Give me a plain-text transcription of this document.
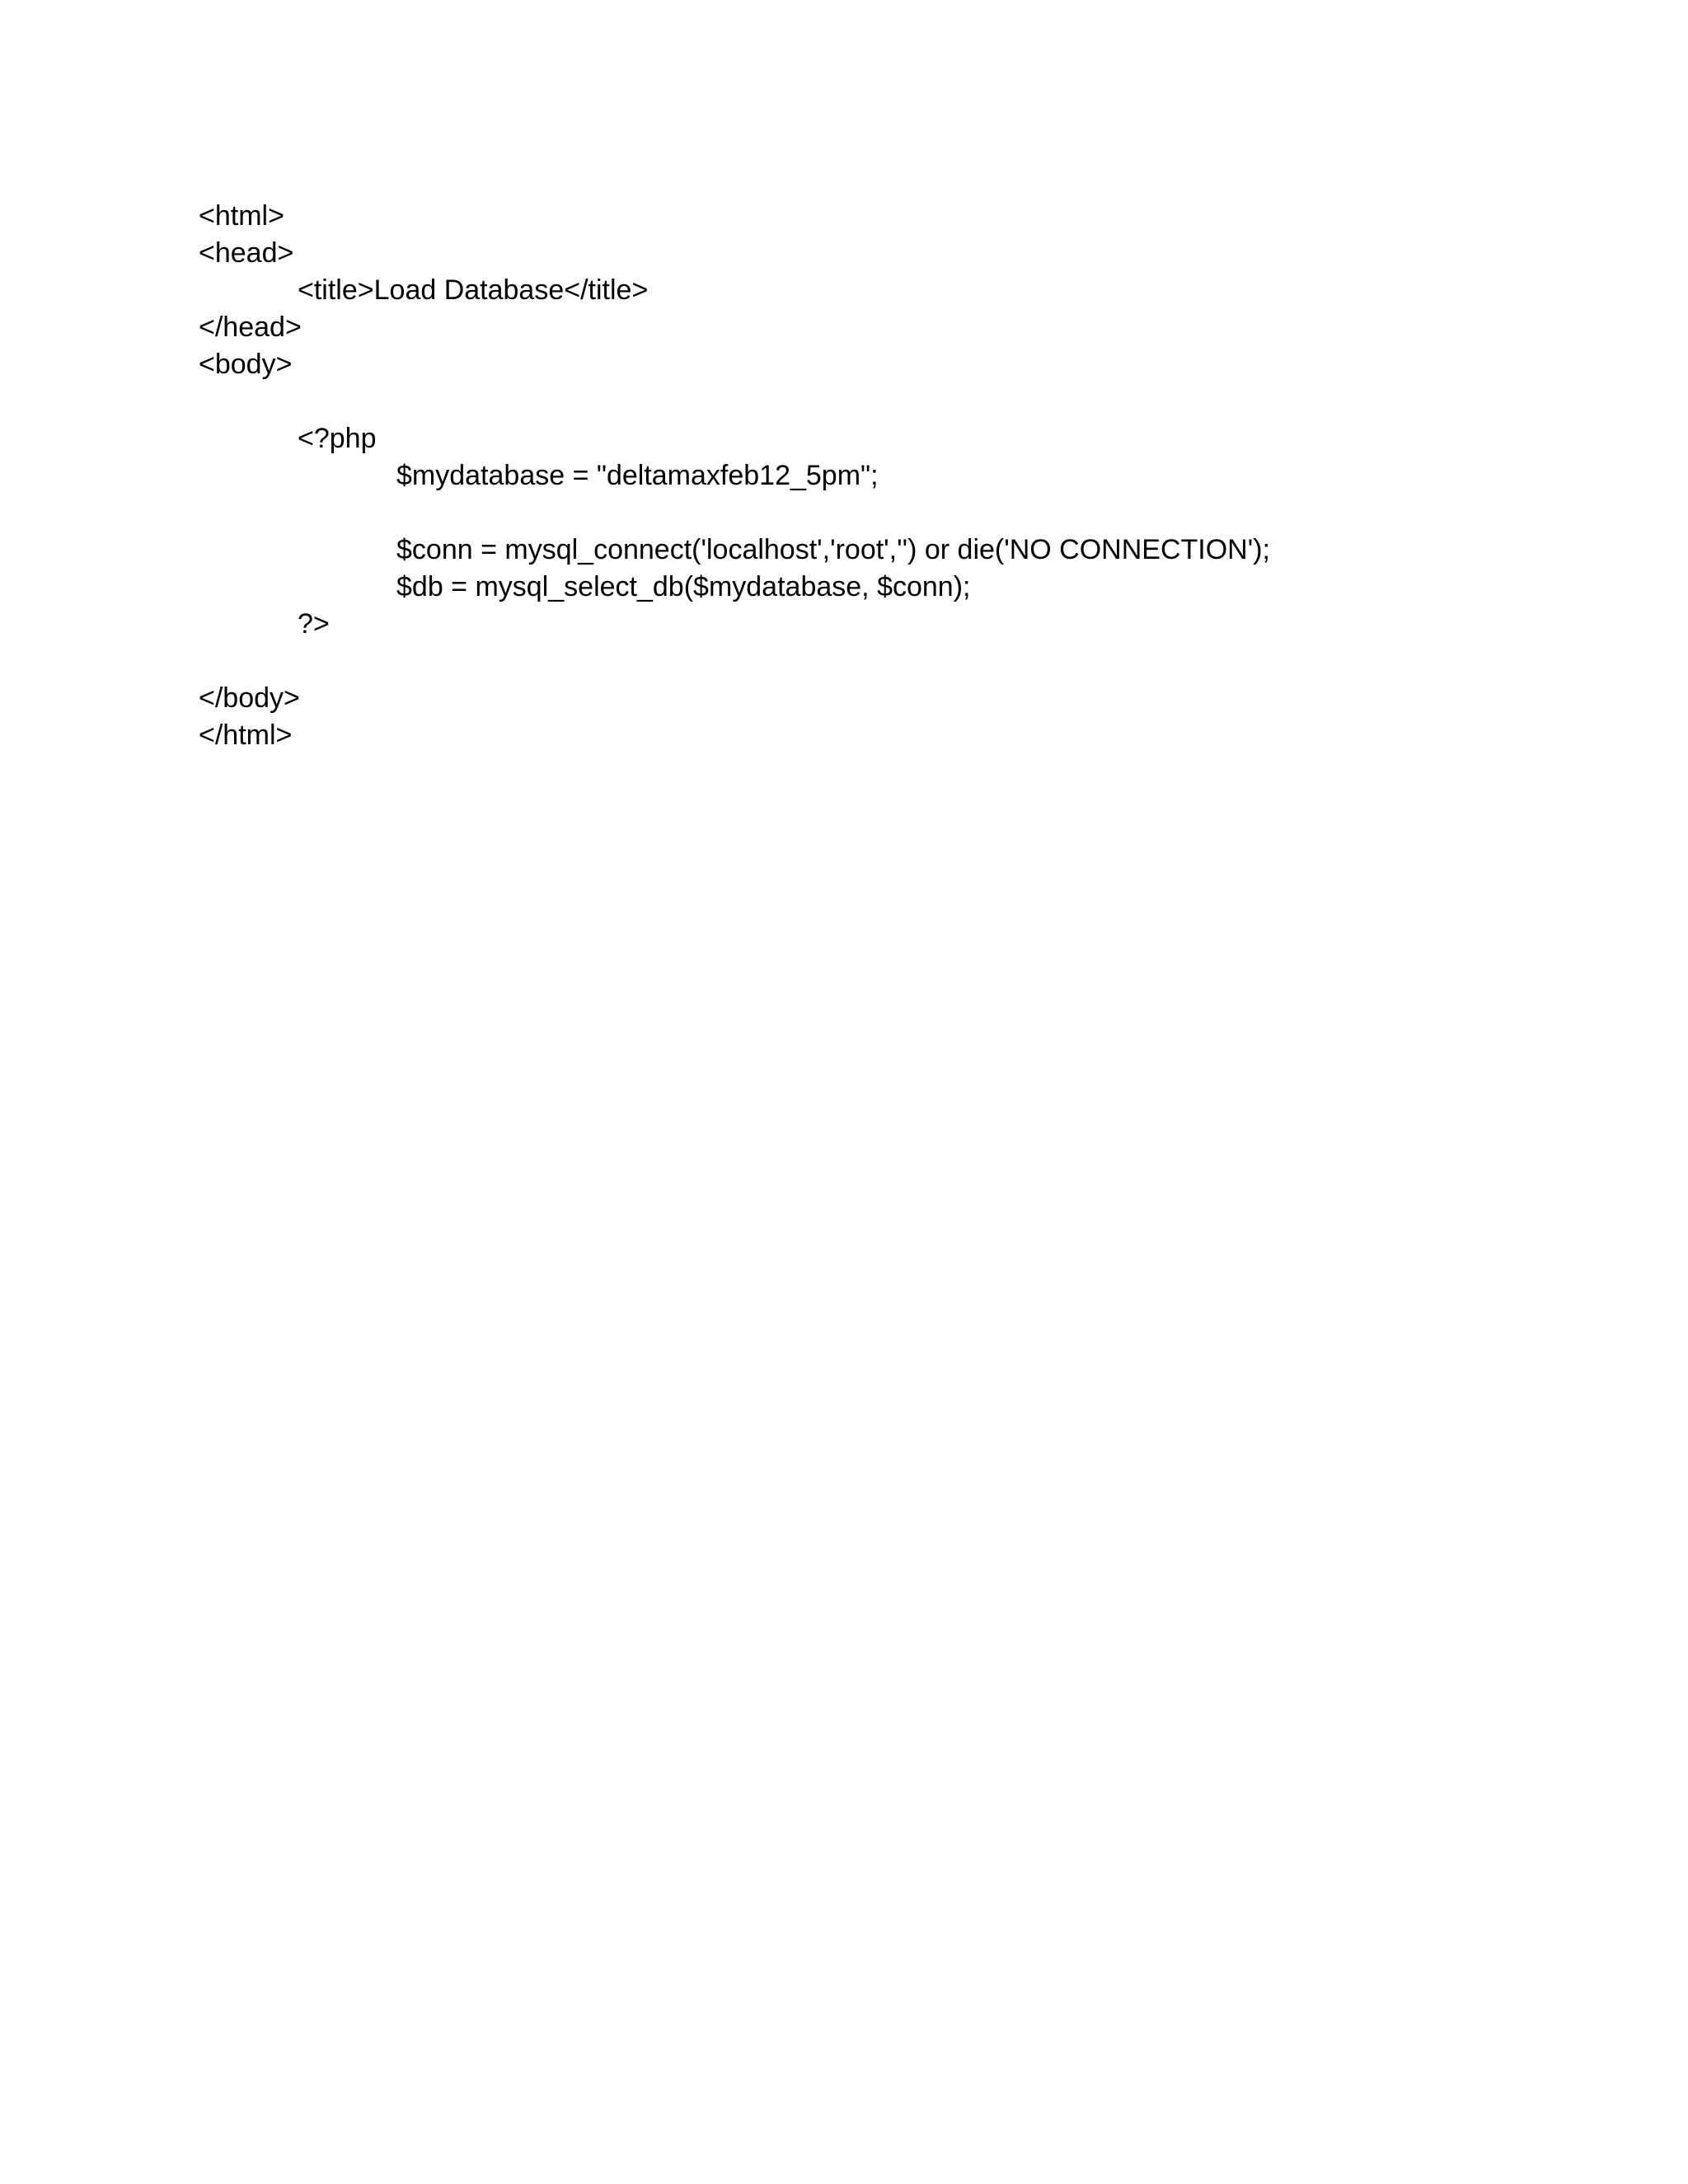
<html>
<head>
<title>Load Database</title>
</head>
<body>
<?php
$mydatabase = "deltamaxfeb12_5pm";
$conn = mysql_connect('localhost','root','') or die('NO CONNECTION');
$db = mysql_select_db($mydatabase, $conn);
?>
</body>
</html>
